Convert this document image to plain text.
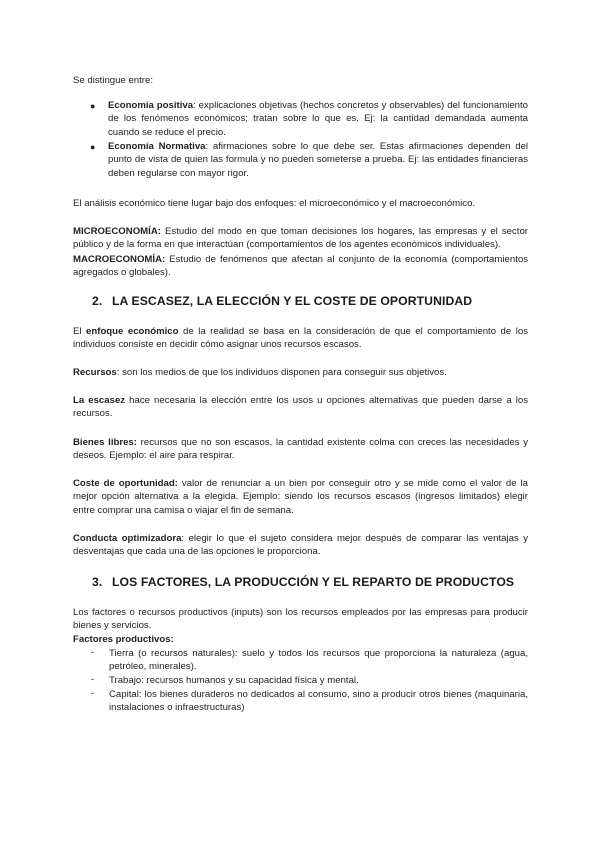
Se distingue entre:

●	Economía positiva: explicaciones objetivas (hechos concretos y observables) del funcionamiento de los fenómenos económicos; tratan sobre lo que es. Ej: la cantidad demandada aumenta cuando se reduce el precio.

●	Economía Normativa: afirmaciones sobre lo que debe ser. Estas afirmaciones dependen del punto de vista de quien las formula y no pueden someterse a prueba. Ej: las entidades financieras deben regularse con mayor rigor.

El análisis económico tiene lugar bajo dos enfoques: el microeconómico y el macroeconómico.

MICROECONOMÍA: Estudio del modo en que toman decisiones los hogares, las empresas y el sector público y de la forma en que interactúan (comportamientos de los agentes económicos individuales).

MACROECONOMÍA: Estudio de fenómenos que afectan al conjunto de la economía (comportamientos agregados o globales).

2. LA ESCASEZ, LA ELECCIÓN Y EL COSTE DE OPORTUNIDAD

El enfoque económico de la realidad se basa en la consideración de que el comportamiento de los individuos consiste en decidir cómo asignar unos recursos escasos.

Recursos: son los medios de que los individuos disponen para conseguir sus objetivos.

La escasez hace necesaria la elección entre los usos u opciones alternativas que pueden darse a los recursos.

Bienes libres: recursos que no son escasos, la cantidad existente colma con creces las necesidades y deseos. Ejemplo: el aire para respirar.

Coste de oportunidad: valor de renunciar a un bien por conseguir otro y se mide como el valor de la mejor opción alternativa a la elegida. Ejemplo: siendo los recursos escasos (ingresos limitados) elegir entre comprar una camisa o viajar el fin de semana.

Conducta optimizadora: elegir lo que el sujeto considera mejor después de comparar las ventajas y desventajas que cada una de las opciones le proporciona.

3. LOS FACTORES, LA PRODUCCIÓN Y EL REPARTO DE PRODUCTOS

Los factores o recursos productivos (inputs) son los recursos empleados por las empresas para producir bienes y servicios.

Factores productivos:

- Tierra (o recursos naturales): suelo y todos los recursos que proporciona la naturaleza (agua, petróleo, minerales).

- Trabajo: recursos humanos y su capacidad física y mental.

- Capital: los bienes duraderos no dedicados al consumo, sino a producir otros bienes (maquinaria, instalaciones o infraestructuras)
